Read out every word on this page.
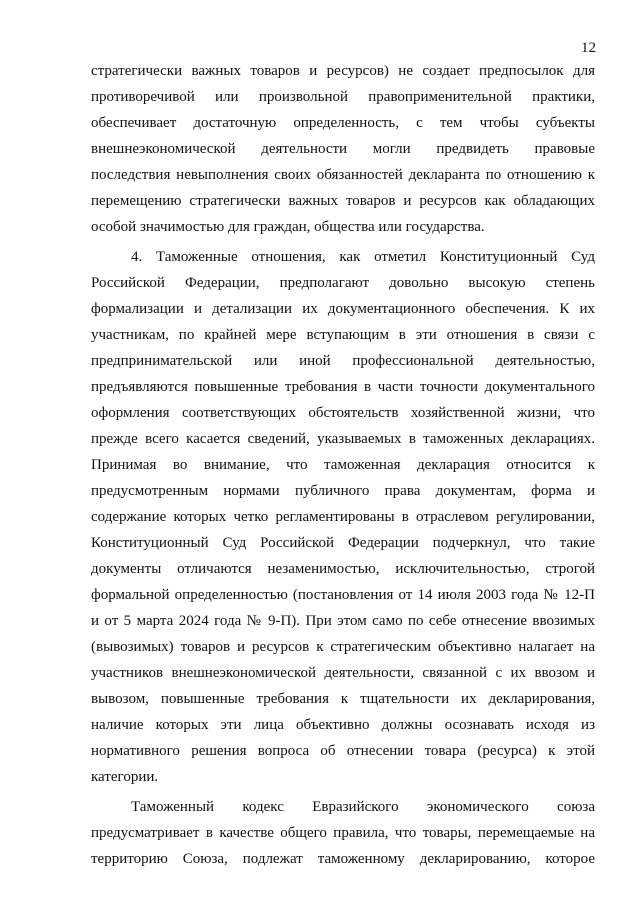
12
стратегически важных товаров и ресурсов) не создает предпосылок для
противоречивой или произвольной правоприменительной практики,
обеспечивает достаточную определенность, с тем чтобы субъекты
внешнеэкономической деятельности могли предвидеть правовые
последствия невыполнения своих обязанностей декларанта по отношению к
перемещению стратегически важных товаров и ресурсов как обладающих
особой значимостью для граждан, общества или государства.
4. Таможенные отношения, как отметил Конституционный Суд
Российской Федерации, предполагают довольно высокую степень
формализации и детализации их документационного обеспечения. К их
участникам, по крайней мере вступающим в эти отношения в связи с
предпринимательской или иной профессиональной деятельностью,
предъявляются повышенные требования в части точности документального
оформления соответствующих обстоятельств хозяйственной жизни, что
прежде всего касается сведений, указываемых в таможенных декларациях.
Принимая во внимание, что таможенная декларация относится к
предусмотренным нормами публичного права документам, форма и
содержание которых четко регламентированы в отраслевом регулировании,
Конституционный Суд Российской Федерации подчеркнул, что такие
документы отличаются незаменимостью, исключительностью, строгой
формальной определенностью (постановления от 14 июля 2003 года № 12-П
и от 5 марта 2024 года № 9-П). При этом само по себе отнесение ввозимых
(вывозимых) товаров и ресурсов к стратегическим объективно налагает на
участников внешнеэкономической деятельности, связанной с их ввозом и
вывозом, повышенные требования к тщательности их декларирования,
наличие которых эти лица объективно должны осознавать исходя из
нормативного решения вопроса об отнесении товара (ресурса) к этой
категории.
Таможенный кодекс Евразийского экономического союза
предусматривает в качестве общего правила, что товары, перемещаемые на
территорию Союза, подлежат таможенному декларированию, которое
